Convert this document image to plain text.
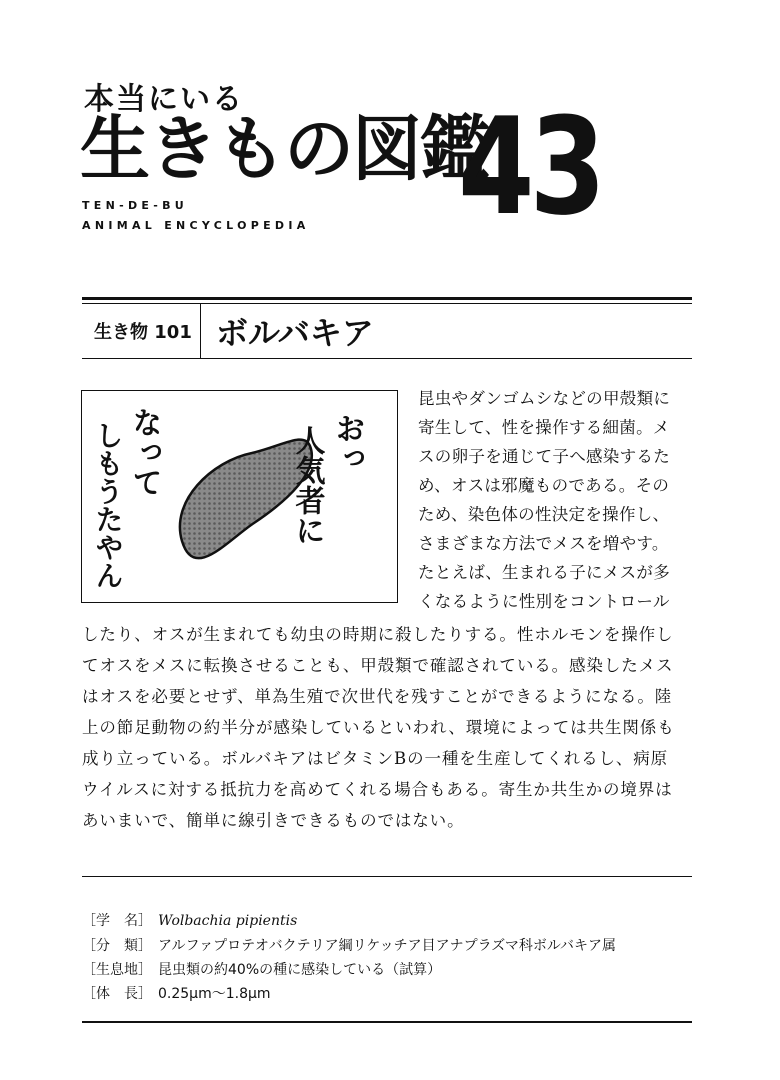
本当にいる
生きもの図鑑
43
TEN-DE-BU
ANIMAL ENCYCLOPEDIA
生き物 101 ボルバキア
おっ
人気者に
なって
しもうたやん
昆虫やダンゴムシなどの甲殻類に
寄生して、性を操作する細菌。メ
スの卵子を通じて子へ感染するた
め、オスは邪魔ものである。その
ため、染色体の性決定を操作し、
さまざまな方法でメスを増やす。
たとえば、生まれる子にメスが多
くなるように性別をコントロール
したり、オスが生まれても幼虫の時期に殺したりする。性ホルモンを操作し
てオスをメスに転換させることも、甲殻類で確認されている。感染したメス
はオスを必要とせず、単為生殖で次世代を残すことができるようになる。陸
上の節足動物の約半分が感染しているといわれ、環境によっては共生関係も
成り立っている。ボルバキアはビタミンBの一種を生産してくれるし、病原
ウイルスに対する抵抗力を高めてくれる場合もある。寄生か共生かの境界は
あいまいで、簡単に線引きできるものではない。
［学　名］ Wolbachia pipientis
［分　類］ アルファプロテオバクテリア綱リケッチア目アナプラズマ科ボルバキア属
［生息地］ 昆虫類の約40%の種に感染している（試算）
［体　長］ 0.25μm〜1.8μm
